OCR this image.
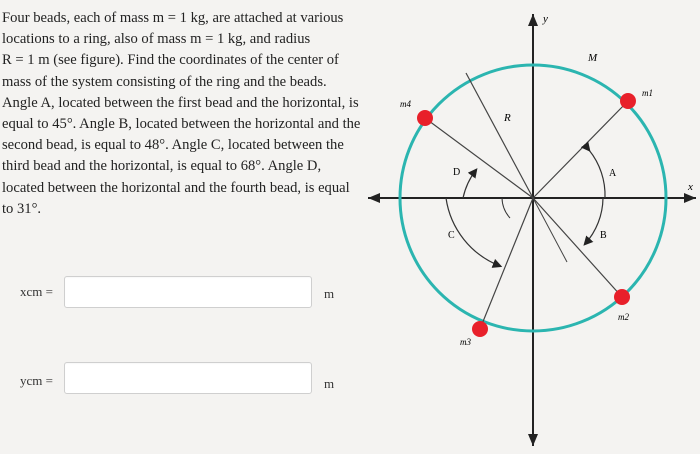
Four beads, each of mass m = 1 kg, are attached at various
locations to a ring, also of mass m = 1 kg, and radius
R = 1 m (see figure). Find the coordinates of the center of
mass of the system consisting of the ring and the beads.
Angle A, located between the first bead and the horizontal, is
equal to 45°. Angle B, located between the horizontal and the
second bead, is equal to 48°. Angle C, located between the
third bead and the horizontal, is equal to 68°. Angle D,
located between the horizontal and the fourth bead, is equal
to 31°.
xcm =	m
ycm =	m
y
x
M
R
A
B
C
D
m1
m2
m3
m4
